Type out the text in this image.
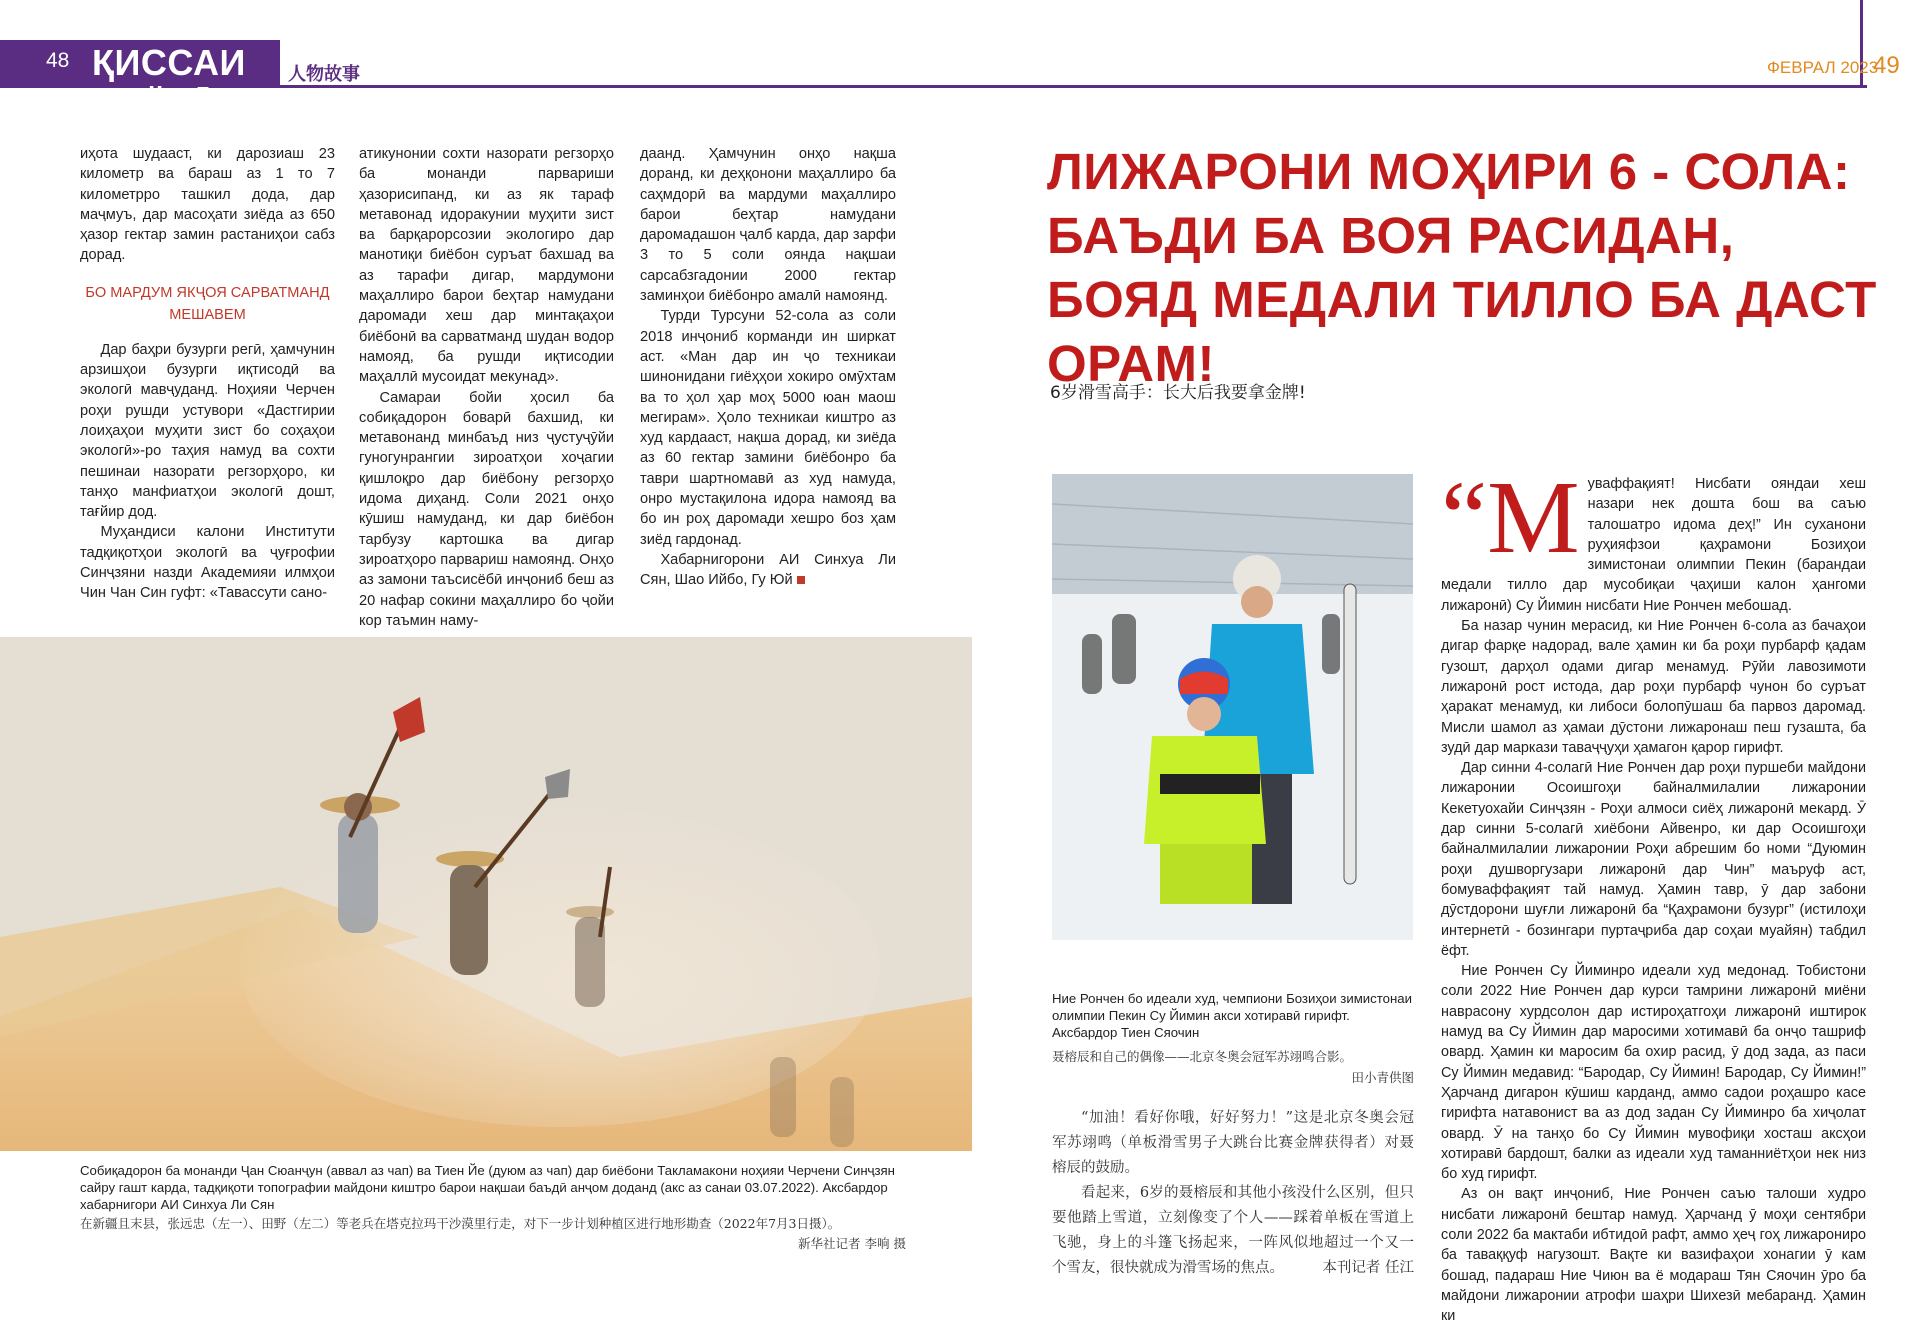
48 ҚИССАИ ҲАЁТӢ
人物故事	ФЕВРАЛ 2023
49

иҳота шудааст, ки дарозиаш 23 километр ва бараш аз 1 то 7 километрро ташкил дода, дар маҷмуъ, дар масоҳати зиёда аз 650 ҳазор гектар замин растаниҳои сабз дорад.

БО МАРДУМ ЯКҶОЯ САРВАТМАНД МЕШАВЕМ

Дар баҳри бузурги регӣ, ҳамчунин арзишҳои бузурги иқтисодӣ ва экологӣ мавҷуданд. Ноҳияи Черчен роҳи рушди устувори «Дастгирии лоиҳаҳои муҳити зист бо соҳаҳои экологӣ»-ро таҳия намуд ва сохти пешинаи назорати регзорҳоро, ки танҳо манфиатҳои экологӣ дошт, тағйир дод.

Муҳандиси калони Институти тадқиқотҳои экологӣ ва ҷуғрофии Синҷзяни назди Академияи илмҳои Чин Чан Син гуфт: «Тавассути сано-

атикунонии сохти назорати регзорҳо ба монанди парвариши ҳазорисипанд, ки аз як тараф метавонад идоракунии муҳити зист ва барқарорсозии экологиро дар манотиқи биёбон суръат бахшад ва аз тарафи дигар, мардумони маҳаллиро барои беҳтар намудани даромади хеш дар минтақаҳои биёбонӣ ва сарватманд шудан водор намояд, ба рушди иқтисодии маҳаллӣ мусоидат мекунад».

Самараи бойи ҳосил ба собиқадорон боварӣ бахшид, ки метавонанд минбаъд низ ҷустуҷӯйи гуногунрангии зироатҳои хоҷагии қишлоқро дар биёбону регзорҳо идома диҳанд. Соли 2021 онҳо кӯшиш намуданд, ки дар биёбон тарбузу картошка ва дигар зироатҳоро парвариш намоянд. Онҳо аз замони таъсисёбӣ инҷониб беш аз 20 нафар сокини маҳаллиро бо ҷойи кор таъмин наму-

даанд. Ҳамчунин онҳо нақша доранд, ки деҳқонони маҳаллиро ба саҳмдорӣ ва мардуми маҳаллиро барои беҳтар намудани даромадашон ҷалб карда, дар зарфи 3 то 5 соли оянда нақшаи сарсабзгадонии 2000 гектар заминҳои биёбонро амалӣ намоянд.

Турди Турсуни 52-сола аз соли 2018 инҷониб корманди ин ширкат аст. «Ман дар ин ҷо техникаи шинонидани гиёҳҳои хокиро омӯхтам ва то ҳол ҳар моҳ 5000 юан маош мегирам». Ҳоло техникаи киштро аз худ кардааст, нақша дорад, ки зиёда аз 60 гектар замини биёбонро ба таври шартномавӣ аз худ намуда, онро мустақилона идора намояд ва бо ин роҳ даромади хешро боз ҳам зиёд гардонад.

Хабарнигорони АИ Синхуа Ли Сян, Шао Ийбо, Гу Юй

Собиқадорон ба монанди Ҷан Сюанҷун (аввал аз чап) ва Тиен Йе (дуюм аз чап) дар биёбони Такламакони ноҳияи Черчени Синҷзян сайру гашт карда, тадқиқоти топографии майдони киштро барои нақшаи баъдӣ анҷом доданд (акс аз санаи 03.07.2022). Аксбардор хабарнигори АИ Синхуа Ли Сян
在新疆且末县，张远忠（左一）、田野（左二）等老兵在塔克拉玛干沙漠里行走，对下一步计划种植区进行地形勘查（2022年7月3日摄）。
新华社记者 李响 摄
ЛИЖАРОНИ МОҲИРИ 6 - СОЛА: БАЪДИ БА ВОЯ РАСИДАН, БОЯД МЕДАЛИ ТИЛЛО БА ДАСТ ОРАМ!
6岁滑雪高手：长大后我要拿金牌!
Ние Рончен бо идеали худ, чемпиони Бозиҳои зимистонаи олимпии Пекин Су Йимин акси хотиравӣ гирифт. Аксбардор Тиен Сяочин
聂榕辰和自己的偶像——北京冬奥会冠军苏翊鸣合影。
田小青供图

“加油！看好你哦，好好努力！”这是北京冬奥会冠军苏翊鸣（单板滑雪男子大跳台比赛金牌获得者）对聂榕辰的鼓励。

看起来，6岁的聂榕辰和其他小孩没什么区别，但只要他踏上雪道，立刻像变了个人——踩着单板在雪道上飞驰，身上的斗篷飞扬起来，一阵风似地超过一个又一个雪友，很快就成为滑雪场的焦点。	本刊记者 任江

“Муваффақият! Нисбати ояндаи хеш назари нек дошта бош ва саъю талошатро идома деҳ!” Ин суханони руҳияфзои қаҳрамони Бозиҳои зимистонаи олимпии Пекин (барандаи медали тилло дар мусобиқаи ҷаҳиши калон ҳангоми лижаронӣ) Су Йимин нисбати Ние Рончен мебошад.

Ба назар чунин мерасид, ки Ние Рончен 6-сола аз бачаҳои дигар фарқе надорад, вале ҳамин ки ба роҳи пурбарф қадам гузошт, дарҳол одами дигар менамуд. Рӯйи лавозимоти лижаронӣ рост истода, дар роҳи пурбарф чунон бо суръат ҳаракат менамуд, ки либоси болопӯшаш ба парвоз даромад. Мисли шамол аз ҳамаи дӯстони лижаронаш пеш гузашта, ба зудӣ дар маркази таваҷҷуҳи ҳамагон қарор гирифт.

Дар синни 4-солагӣ Ние Рончен дар роҳи пуршеби майдони лижаронии Осоишгоҳи байналмилалии лижаронии Кекетуохайи Синҷзян - Роҳи алмоси сиёҳ лижаронӣ мекард. Ӯ дар синни 5-солагӣ хиёбони Айвенро, ки дар Осоишгоҳи байналмилалии лижаронии Роҳи абрешим бо номи “Дуюмин роҳи душворгузари лижаронӣ дар Чин” маъруф аст, бомуваффақият тай намуд. Ҳамин тавр, ӯ дар забони дӯстдорони шуғли лижаронӣ ба “Қаҳрамони бузург” (истилоҳи интернетӣ - бозингари пуртаҷриба дар соҳаи муайян) табдил ёфт.

Ние Рончен Су Йиминро идеали худ медонад. Тобистони соли 2022 Ние Рончен дар курси тамрини лижаронӣ миёни наврасону хурдсолон дар истироҳатгоҳи лижаронӣ иштирок намуд ва Су Йимин дар маросими хотимавӣ ба онҷо ташриф овард. Ҳамин ки маросим ба охир расид, ӯ дод зада, аз паси Су Йимин медавид: “Бародар, Су Йимин! Бародар, Су Йимин!” Ҳарчанд дигарон кӯшиш карданд, аммо садои роҳашро касе гирифта натавонист ва аз дод задан Су Йиминро ба хиҷолат овард. Ӯ на танҳо бо Су Йимин мувофиқи хосташ аксҳои хотиравӣ бардошт, балки аз идеали худ таманниётҳои нек низ бо худ гирифт.

Аз он вақт инҷониб, Ние Рончен саъю талоши худро нисбати лижаронӣ бештар намуд. Ҳарчанд ӯ моҳи сентябри соли 2022 ба мактаби ибтидоӣ рафт, аммо ҳеҷ гоҳ лижарониро ба таваққуф нагузошт. Вақте ки вазифаҳои хонагии ӯ кам бошад, падараш Ние Чиюн ва ё модараш Тян Сяочин ӯро ба майдони лижаронии атрофи шаҳри Шихезӣ мебаранд. Ҳамин ки
